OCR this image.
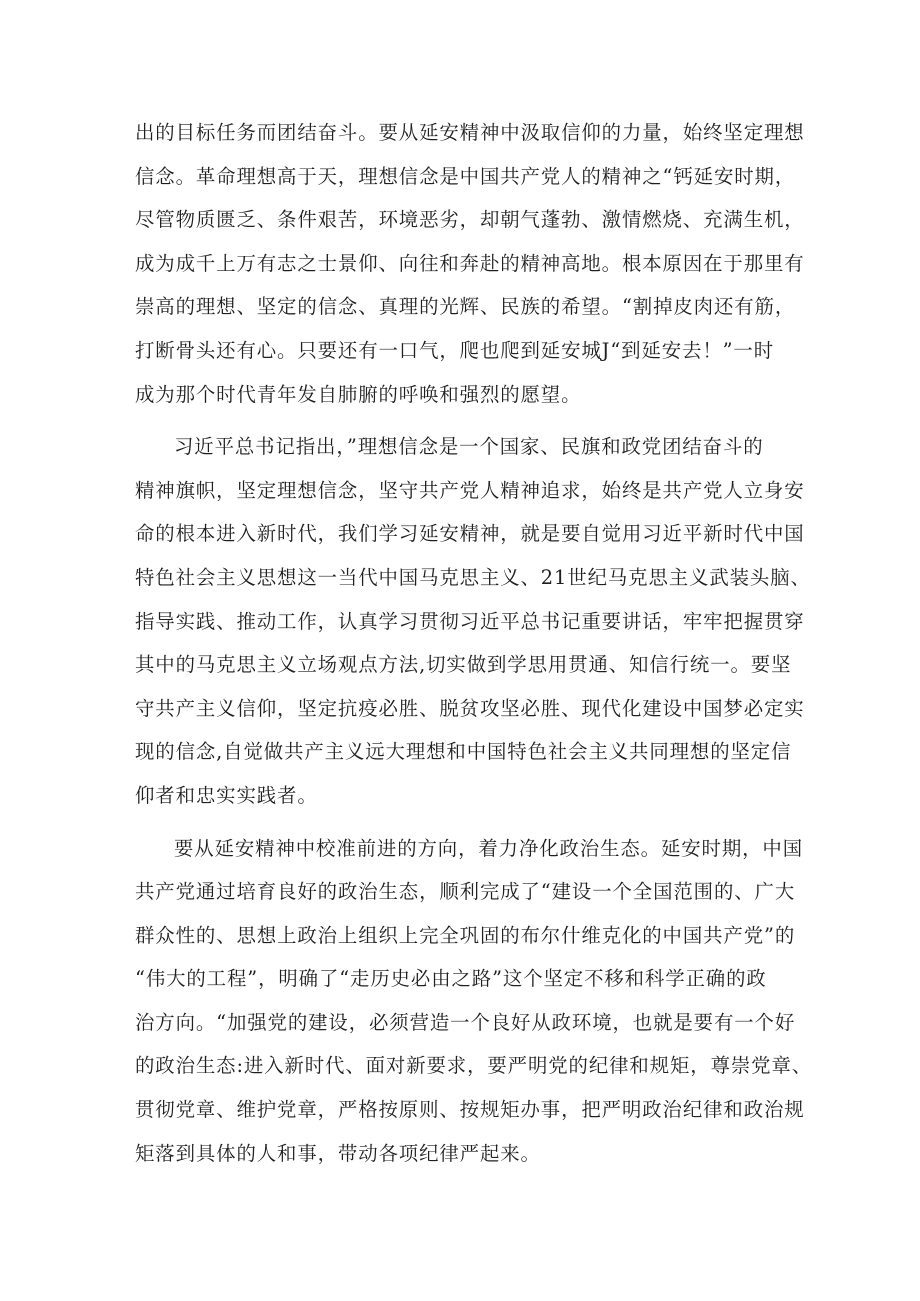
出的目标任务而团结奋斗。要从延安精神中汲取信仰的力量，始终坚定理想
信念。革命理想高于天，理想信念是中国共产党人的精神之“钙延安时期，
尽管物质匮乏、条件艰苦，环境恶劣，却朝气蓬勃、激情燃烧、充满生机，
成为成千上万有志之士景仰、向往和奔赴的精神高地。根本原因在于那里有
崇高的理想、坚定的信念、真理的光辉、民族的希望。“割掉皮肉还有筋，
打断骨头还有心。只要还有一口气，爬也爬到延安城J“到延安去！”一时
成为那个时代青年发自肺腑的呼唤和强烈的愿望。

习近平总书记指出，”理想信念是一个国家、民旗和政党团结奋斗的
精神旗帜，坚定理想信念，坚守共产党人精神追求，始终是共产党人立身安
命的根本进入新时代，我们学习延安精神，就是要自觉用习近平新时代中国
特色社会主义思想这一当代中国马克思主义、21世纪马克思主义武装头脑、
指导实践、推动工作，认真学习贯彻习近平总书记重要讲话，牢牢把握贯穿
其中的马克思主义立场观点方法,切实做到学思用贯通、知信行统一。要坚
守共产主义信仰，坚定抗疫必胜、脱贫攻坚必胜、现代化建设中国梦必定实
现的信念,自觉做共产主义远大理想和中国特色社会主义共同理想的坚定信
仰者和忠实实践者。

要从延安精神中校准前进的方向，着力净化政治生态。延安时期，中国
共产党通过培育良好的政治生态，顺利完成了“建设一个全国范围的、广大
群众性的、思想上政治上组织上完全巩固的布尔什维克化的中国共产党”的
“伟大的工程”，明确了“走历史必由之路”这个坚定不移和科学正确的政
治方向。“加强党的建设，必须营造一个良好从政环境，也就是要有一个好
的政治生态:进入新时代、面对新要求，要严明党的纪律和规矩，尊崇党章、
贯彻党章、维护党章，严格按原则、按规矩办事，把严明政治纪律和政治规
矩落到具体的人和事，带动各项纪律严起来。
